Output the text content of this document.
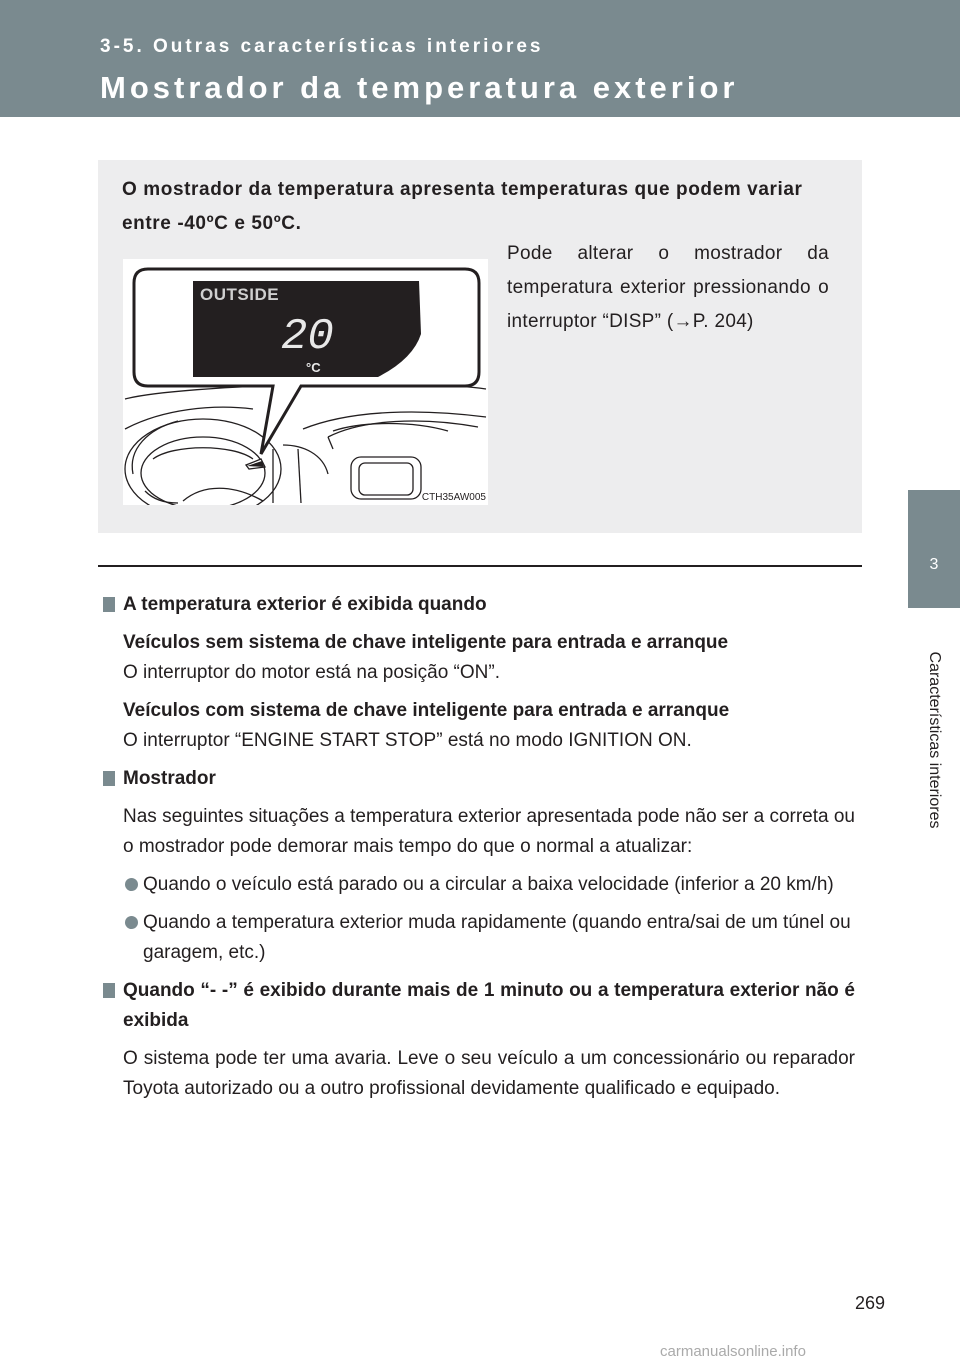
3-5. Outras características interiores
Mostrador da temperatura exterior
3
Características interiores
O mostrador da temperatura apresenta temperaturas que podem variar entre -40ºC e 50ºC.
Pode alterar o mostrador da temperatura exterior pressionando o interruptor “DISP” (→P. 204)
OUTSIDE
20
°C
CTH35AW005
A temperatura exterior é exibida quando
Veículos sem sistema de chave inteligente para entrada e arranque
O interruptor do motor está na posição “ON”.
Veículos com sistema de chave inteligente para entrada e arranque
O interruptor “ENGINE START STOP” está no modo IGNITION ON.
Mostrador
Nas seguintes situações a temperatura exterior apresentada pode não ser a correta ou o mostrador pode demorar mais tempo do que o normal a atualizar:
Quando o veículo está parado ou a circular a baixa velocidade (inferior a 20 km/h)
Quando a temperatura exterior muda rapidamente (quando entra/sai de um túnel ou garagem, etc.)
Quando “- -” é exibido durante mais de 1 minuto ou a temperatura exterior não é exibida
O sistema pode ter uma avaria. Leve o seu veículo a um concessionário ou reparador Toyota autorizado ou a outro profissional devidamente qualificado e equipado.
269
carmanualsonline.info
